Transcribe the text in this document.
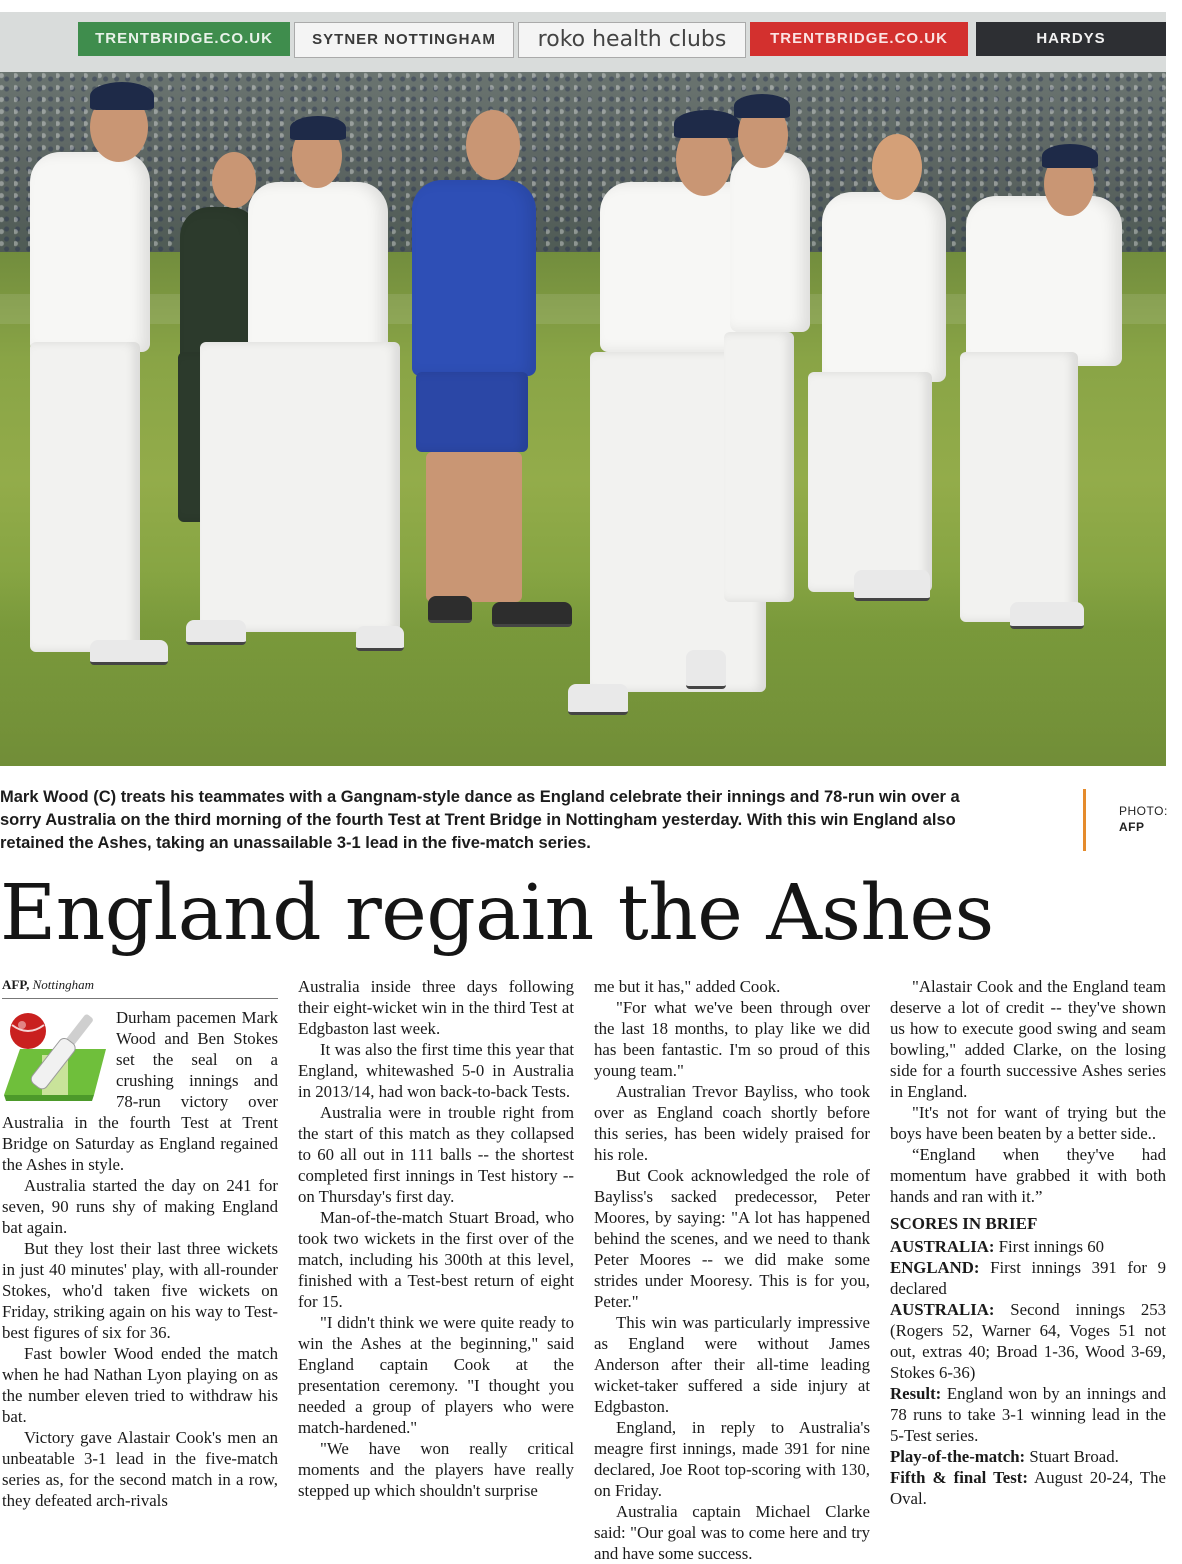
TRENTBRIDGE.CO.UK	SYTNER NOTTINGHAM	roko health clubs	TRENTBRIDGE.CO.UK	HARDYS
Mark Wood (C) treats his teammates with a Gangnam-style dance as England celebrate their innings and 78-run win over a sorry Australia on the third morning of the fourth Test at Trent Bridge in Nottingham yesterday. With this win England also retained the Ashes, taking an unassailable 3-1 lead in the five-match series.
PHOTO:
AFP
England regain the Ashes
AFP, Nottingham

Durham pacemen Mark Wood and Ben Stokes set the seal on a crushing innings and 78-run victory over Australia in the fourth Test at Trent Bridge on Saturday as England regained the Ashes in style.

Australia started the day on 241 for seven, 90 runs shy of making England bat again.

But they lost their last three wickets in just 40 minutes' play, with all-rounder Stokes, who'd taken five wickets on Friday, striking again on his way to Test-best figures of six for 36.

Fast bowler Wood ended the match when he had Nathan Lyon playing on as the number eleven tried to withdraw his bat.

Victory gave Alastair Cook's men an unbeatable 3-1 lead in the five-match series as, for the second match in a row, they defeated arch-rivals

Australia inside three days following their eight-wicket win in the third Test at Edgbaston last week.

It was also the first time this year that England, whitewashed 5-0 in Australia in 2013/14, had won back-to-back Tests.

Australia were in trouble right from the start of this match as they collapsed to 60 all out in 111 balls -- the shortest completed first innings in Test history -- on Thursday's first day.

Man-of-the-match Stuart Broad, who took two wickets in the first over of the match, including his 300th at this level, finished with a Test-best return of eight for 15.

"I didn't think we were quite ready to win the Ashes at the beginning," said England captain Cook at the presentation ceremony. "I thought you needed a group of players who were match-hardened."

"We have won really critical moments and the players have really stepped up which shouldn't surprise

me but it has," added Cook.

"For what we've been through over the last 18 months, to play like we did has been fantastic. I'm so proud of this young team."

Australian Trevor Bayliss, who took over as England coach shortly before this series, has been widely praised for his role.

But Cook acknowledged the role of Bayliss's sacked predecessor, Peter Moores, by saying: "A lot has happened behind the scenes, and we need to thank Peter Moores -- we did make some strides under Mooresy. This is for you, Peter."

This win was particularly impressive as England were without James Anderson after their all-time leading wicket-taker suffered a side injury at Edgbaston.

England, in reply to Australia's meagre first innings, made 391 for nine declared, Joe Root top-scoring with 130, on Friday.

Australia captain Michael Clarke said: "Our goal was to come here and try and have some success.

"Alastair Cook and the England team deserve a lot of credit -- they've shown us how to execute good swing and seam bowling," added Clarke, on the losing side for a fourth successive Ashes series in England.

"It's not for want of trying but the boys have been beaten by a better side..

“England when they've had momentum have grabbed it with both hands and ran with it.”

SCORES IN BRIEF

AUSTRALIA: First innings 60

ENGLAND: First innings 391 for 9 declared

AUSTRALIA: Second innings 253 (Rogers 52, Warner 64, Voges 51 not out, extras 40; Broad 1-36, Wood 3-69, Stokes 6-36)

Result: England won by an innings and 78 runs to take 3-1 winning lead in the 5-Test series.

Play-of-the-match: Stuart Broad.

Fifth & final Test: August 20-24, The Oval.
